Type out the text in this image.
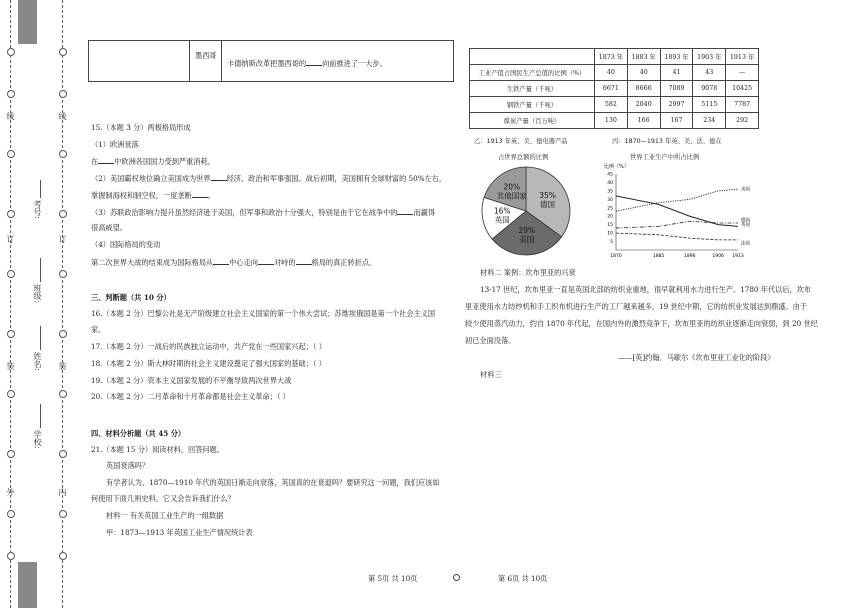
线
订
装
外	内
线
订
装
考号:
班级:
姓名:
学校:
墨西哥
卡德纳斯改革把墨西哥的 向前推进了一大步。
15.（本题 3 分）两极格局形成
（1）欧洲衰落
在 中欧洲各国国力受到严重消耗。
（2）美国霸权地位确立美国成为世界 经济、政治和军事强国。战后初期，美国拥有全球财富的 50%左右，
掌握制海权和制空权，一度垄断 。
（3）苏联政治影响力提升虽然经济逊于美国，但军事和政治十分强大，特别是由于它在战争中的 而赢得
很高威望。
（4）国际格局的变动
第二次世界大战的结束成为国际格局从 中心走向 对峙的 格局的真正转折点。
三、判断题（共 10 分）
16.（本题 2 分）巴黎公社是无产阶级建立社会主义国家的第一个伟大尝试；苏维埃俄国是第一个社会主义国
家。
17.（本题 2 分）一战后的民族独立运动中，共产党在一些国家兴起；（ ）
18.（本题 2 分）斯大林时期的社会主义建设奠定了强大国家的基础；（ ）
19.（本题 2 分）资本主义国家发展的不平衡导致两次世界大战
20.（本题 2 分）二月革命和十月革命都是社会主义革命；（ ）
四、材料分析题（共 45 分）
21.（本题 15 分）阅读材料，回答问题。
英国衰落吗？
有学者认为，1870—1910 年代的英国日渐走向衰落，英国真的在衰退吗？要研究这一问题，我们应该如
何使用下面几则史料，它又会告诉我们什么？
材料一 有关英国工业生产的一组数据
甲：1873—1913 年英国工业生产情况统计表
	1873 年	1883 年	1893 年	1903 年	1913 年
工业产值占国民生产总值的比例（%）	40	40	41	43	—
生铁产量（千吨）	6671	8666	7089	9078	10425
钢铁产量（千吨）	582	2040	2997	5115	7787
煤炭产量（百万吨）	130	166	167	234	292
乙：1913 年英、美、德电器产品
占世界总额的比例
丙：1870—1913 年英、美、法、德在
世界工业生产中所占比例
35%
德国
29%
美国
16%
英国
20%
其他国家
比例（%）
5
10
15
20
25
30
35
40
45
1870	1885	1896	1906 1913
美国
英国
德国
法国
材料二 案例：坎布里亚的兴衰
13-17 世纪，坎布里亚一直是英国北部的纺织业重地，很早就利用水力进行生产。1780 年代以后，坎布
里亚使用水力纺纱机和手工织布机进行生产的工厂越来越多，19 世纪中期，它的纺织业发展达到鼎盛。由于
较少使用蒸汽动力，约自 1870 年代起，在国内外的激烈竞争下，坎布里亚的纺织业逐渐走向衰弱，到 20 世纪
初已全面没落。
——[英]约翰．马歇尔《坎布里亚工业化的阶段》
材料三
第 5页 共 10页	第 6页 共 10页
